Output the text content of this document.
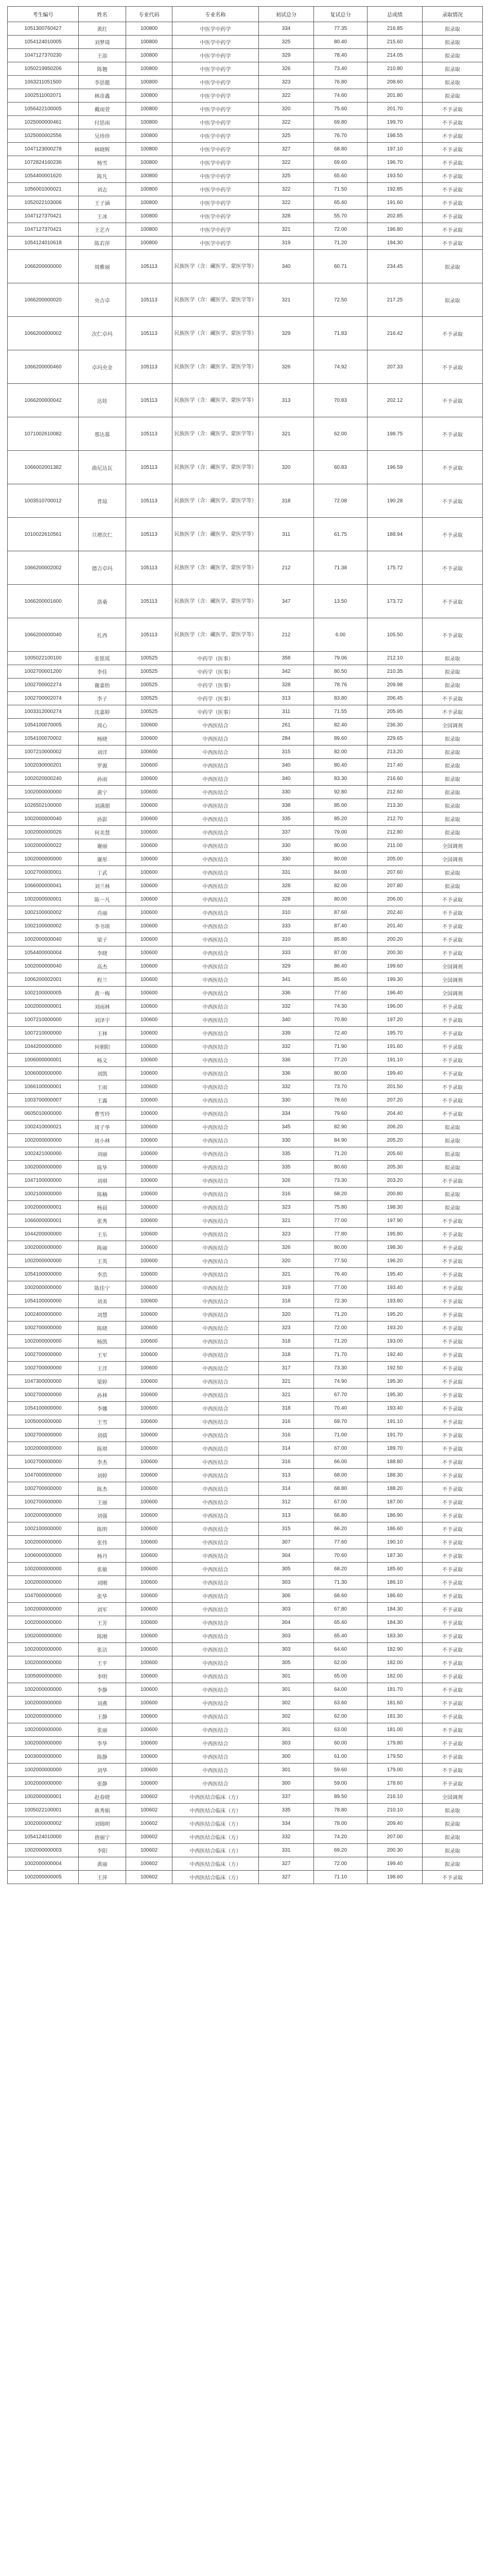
考生编号	姓名	专业代码	专业名称	初试总分	复试总分	总成绩	录取情况
1051300760427	黄红	100800	中医学中药学	334	77.35	216.85	拟录取
1054124010005	刘梦琦	100800	中医学中药学	325	80.40	215.60	拟录取
1047127370230	王添	100800	中医学中药学	329	78.40	214.05	拟录取
1050219950206	陈翘	100800	中医学中药学	326	73.40	210.80	拟录取
1063211051500	李思懿	100800	中医学中药学	323	76.80	208.60	拟录取
1002511002071	林彦鑫	100800	中医学中药学	322	74.60	201.80	拟录取
1056422100005	戴雨萱	100800	中医学中药学	320	75.60	201.70	不予录取
1025000000461	付思雨	100800	中医学中药学	322	69.80	199.70	不予录取
1025000002556	吴珍珍	100800	中医学中药学	325	76.70	198.55	不予录取
1047123000278	林晓辉	100800	中医学中药学	327	68.80	197.10	不予录取
1072824160236	杨雪	100800	中医学中药学	322	69.60	196.70	不予录取
1054400001620	陈凡	100800	中医学中药学	325	65.60	193.50	不予录取
1056001000021	刘志	100800	中医学中药学	322	71.50	192.85	不予录取
1052022103006	王子涵	100800	中医学中药学	322	65.40	191.60	不予录取
1047127370421	王冰	100800	中医学中药学	328	55.70	202.85	不予录取
1047127370421	王艺卉	100800	中医学中药学	321	72.00	196.80	不予录取
1054124010618	陈若萍	100800	中医学中药学	319	71.20	194.30	不予录取
1066200000000	周雅丽	105113	民族医学（含：藏医学、蒙医学等）	340	60.71	234.45	拟录取
1066200000020	央吉卓	105113	民族医学（含：藏医学、蒙医学等）	321	72.50	217.25	拟录取
1066200000002	次仁卓玛	105113	民族医学（含：藏医学、蒙医学等）	329	71.83	216.42	不予录取
1066200000460	卓玛央金	105113	民族医学（含：藏医学、蒙医学等）	326	74.92	207.33	不予录取
1066200000042	达娃	105113	民族医学（含：藏医学、蒙医学等）	313	70.83	202.12	不予录取
1071002610082	那达慕	105113	民族医学（含：藏医学、蒙医学等）	321	62.00	198.75	不予录取
1066002001382	曲尼达瓦	105113	民族医学（含：藏医学、蒙医学等）	320	60.83	196.59	不予录取
1003510700012	普琼	105113	民族医学（含：藏医学、蒙医学等）	318	72.08	190.28	不予录取
1010022610561	旦增次仁	105113	民族医学（含：藏医学、蒙医学等）	311	61.75	188.94	不予录取
1066200002002	德吉卓玛	105113	民族医学（含：藏医学、蒙医学等）	212	71.38	175.72	不予录取
1066200001600	洛桑	105113	民族医学（含：藏医学、蒙医学等）	347	13.50	173.72	不予录取
1066200000040	扎西	105113	民族医学（含：藏医学、蒙医学等）	212	6.00	105.50	不予录取
1005022100100	张银瑶	100525	中药学（医事）	358	79.06	212.10	拟录取
1002700001200	李佳	100525	中药学（医事）	342	80.50	210.35	拟录取
1002700002274	谢嘉怡	100525	中药学（医事）	328	78.76	209.98	拟录取
1002700002074	李子	100525	中药学（医事）	313	83.80	206.45	不予录取
1003312000274	沈嘉婷	100525	中药学（医事）	311	71.55	205.95	不予录取
1054100070005	周心	100600	中西医结合	261	82.40	236.30	全国调剂
1054100070002	杨晓	100600	中西医结合	284	89.60	229.65	拟录取
1007210000002	刘洋	100600	中西医结合	315	82.00	213.20	拟录取
1002030000201	罗源	100600	中西医结合	340	80.40	217.40	拟录取
1002020000240	孙雨	100600	中西医结合	340	83.30	216.60	拟录取
1002000000000	黄宁	100600	中西医结合	330	92.80	212.60	拟录取
1026502100000	刘满朋	100600	中西医结合	338	85.00	213.30	拟录取
1002000000040	孙影	100600	中西医结合	335	85.20	212.70	拟录取
1002000000026	何美慧	100600	中西医结合	337	79.00	212.80	拟录取
1002000000022	谢丽	100600	中西医结合	330	80.00	211.00	全国调剂
1002000000000	谢彤	100600	中西医结合	330	80.00	205.00	全国调剂
1002700000001	丁武	100600	中西医结合	331	84.00	207.60	拟录取
1066000000041	刘兰林	100600	中西医结合	328	82.00	207.80	拟录取
1002000000001	陈一凡	100600	中西医结合	328	80.00	206.00	不予录取
1002100000002	肖丽	100600	中西医结合	310	87.60	202.40	不予录取
1002100000002	李书琪	100600	中西医结合	333	87.40	201.40	不予录取
1002000000040	梁子	100600	中西医结合	310	85.80	200.20	不予录取
1054400000004	李晓	100600	中西医结合	333	87.00	200.30	不予录取
1002000000040	高杰	100600	中西医结合	329	86.40	199.60	全国调剂
1006200002001	程兰	100600	中西医结合	341	85.60	199.30	全国调剂
1002100000005	黄一梅	100600	中西医结合	336	77.60	196.40	全国调剂
1002000000001	刘雨林	100600	中西医结合	332	74.30	196.00	不予录取
1007210000000	刘泽宇	100600	中西医结合	340	70.80	197.20	不予录取
1007210000000	王林	100600	中西医结合	339	72.40	195.70	不予录取
1044200000000	何朝阳	100600	中西医结合	332	71.90	191.60	不予录取
1006000000001	杨文	100600	中西医结合	336	77.20	191.10	不予录取
1006000000000	刘凯	100600	中西医结合	336	80.00	199.40	不予录取
1066100000001	王雨	100600	中西医结合	332	73.70	201.50	不予录取
1003700000007	王露	100600	中西医结合	330	78.60	207.20	不予录取
0605010000000	曹雪玲	100600	中西医结合	334	79.60	204.40	不予录取
1002410000021	周子华	100600	中西医结合	345	82.90	206.20	拟录取
1002000000000	周小林	100600	中西医结合	330	84.90	205.20	拟录取
1002421000000	刘丽	100600	中西医结合	335	71.20	205.60	拟录取
1002000000000	陈华	100600	中西医结合	335	80.60	205.30	拟录取
1047100000000	刘琪	100600	中西医结合	326	73.30	203.20	不予录取
1002100000000	陈楠	100600	中西医结合	316	68.20	200.80	拟录取
1002000000001	杨晨	100600	中西医结合	323	75.80	198.30	拟录取
1066000000001	张秀	100600	中西医结合	321	77.00	197.90	不予录取
1044200000000	王乐	100600	中西医结合	323	77.80	195.80	不予录取
1002000000000	陈丽	100600	中西医结合	326	80.00	198.30	不予录取
1002000000000	王英	100600	中西医结合	320	77.50	196.20	不予录取
1054100000000	李浩	100600	中西医结合	321	76.40	195.40	不予录取
1002000000000	陈佳宁	100600	中西医结合	319	77.00	193.40	不予录取
1054100000000	刘美	100600	中西医结合	318	72.30	193.80	不予录取
1002400000000	刘慧	100600	中西医结合	320	71.20	195.20	不予录取
1002700000000	陈晓	100600	中西医结合	323	72.00	193.20	不予录取
1002000000000	杨凯	100600	中西医结合	318	71.20	193.00	不予录取
1002700000000	王军	100600	中西医结合	318	71.70	192.40	不予录取
1002700000000	王洋	100600	中西医结合	317	73.30	192.50	不予录取
1047300000000	梁婷	100600	中西医结合	321	74.90	195.30	不予录取
1002700000000	孙林	100600	中西医结合	321	67.70	195.30	不予录取
1054100000000	李娜	100600	中西医结合	318	70.40	193.40	不予录取
1005000000000	王雪	100600	中西医结合	316	69.70	191.10	不予录取
1002700000000	刘倩	100600	中西医结合	316	71.00	191.70	不予录取
1002000000000	陈琪	100600	中西医结合	314	67.00	189.70	不予录取
1002700000000	李杰	100600	中西医结合	316	66.00	188.80	不予录取
1047000000000	刘婷	100600	中西医结合	313	68.00	188.30	不予录取
1002700000000	陈杰	100600	中西医结合	314	68.80	188.20	不予录取
1002700000000	王丽	100600	中西医结合	312	67.00	187.00	不予录取
1002000000000	刘强	100600	中西医结合	313	66.80	186.90	不予录取
1002100000000	陈明	100600	中西医结合	315	66.20	186.60	不予录取
1002000000000	张伟	100600	中西医结合	307	77.60	190.10	不予录取
1006000000000	杨丹	100600	中西医结合	304	70.60	187.30	不予录取
1002000000000	张敏	100600	中西医结合	305	68.20	185.60	不予录取
1002000000000	刘刚	100600	中西医结合	303	71.30	186.10	不予录取
1047000000000	张华	100600	中西医结合	306	68.60	186.60	不予录取
1002000000000	刘军	100600	中西医结合	303	67.80	184.30	不予录取
1002000000000	王芳	100600	中西医结合	304	65.40	184.30	不予录取
1002000000000	陈刚	100600	中西医结合	303	65.40	183.30	不予录取
1002000000000	张洁	100600	中西医结合	303	64.60	182.90	不予录取
1002000000000	王平	100600	中西医结合	305	62.00	182.00	不予录取
1005000000000	李明	100600	中西医结合	301	65.00	182.00	不予录取
1002000000000	李静	100600	中西医结合	301	64.00	181.70	不予录取
1002000000000	刘燕	100600	中西医结合	302	63.60	181.60	不予录取
1002000000000	王静	100600	中西医结合	302	62.00	181.30	不予录取
1002000000000	张丽	100600	中西医结合	301	63.00	181.00	不予录取
1002000000000	李华	100600	中西医结合	303	60.00	179.80	不予录取
1003000000000	陈静	100600	中西医结合	300	61.00	179.50	不予录取
1002000000000	刘华	100600	中西医结合	301	59.60	179.00	不予录取
1002000000000	张静	100600	中西医结合	300	59.00	178.60	不予录取
1002000000001	赵春晓	100602	中西医结合临床（方）	337	89.50	216.10	全国调剂
1005022100001	蒋秀娟	100602	中西医结合临床（方）	335	78.80	210.10	拟录取
1002000000002	刘锦明	100602	中西医结合临床（方）	334	78.00	209.40	拟录取
1054124010000	唐丽宁	100602	中西医结合临床（方）	332	74.20	207.00	拟录取
1002000000003	李阳	100602	中西医结合临床（方）	331	69.20	200.30	拟录取
1002000000004	黄丽	100602	中西医结合临床（方）	327	72.00	199.40	拟录取
1002000000005	王萍	100602	中西医结合临床（方）	327	71.10	198.60	不予录取
